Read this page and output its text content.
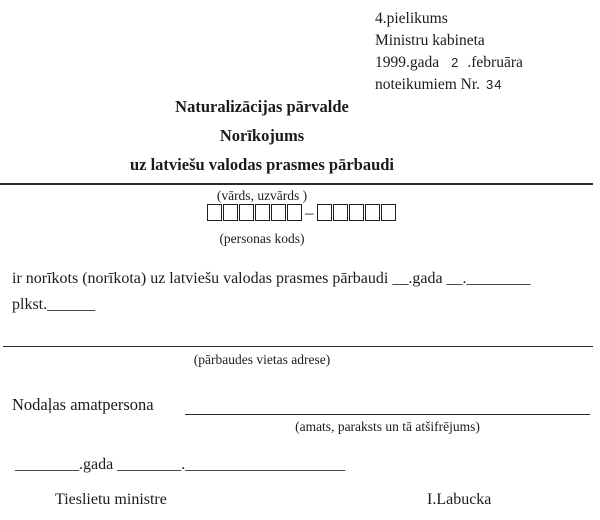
4.pielikums
Ministru kabineta
1999.gada 2 .februāra
noteikumiem Nr. 34
Naturalizācijas pārvalde
Norīkojums
uz latviešu valodas prasmes pārbaudi
(vārds, uzvārds )
–
(personas kods)
ir norīkots (norīkota) uz latviešu valodas prasmes pārbaudi __.gada __.________
plkst.______
(pārbaudes vietas adrese)
Nodaļas amatpersona
(amats, paraksts un tā atšifrējums)
________.gada ________.____________________
Tieslietu ministre	I.Labucka
